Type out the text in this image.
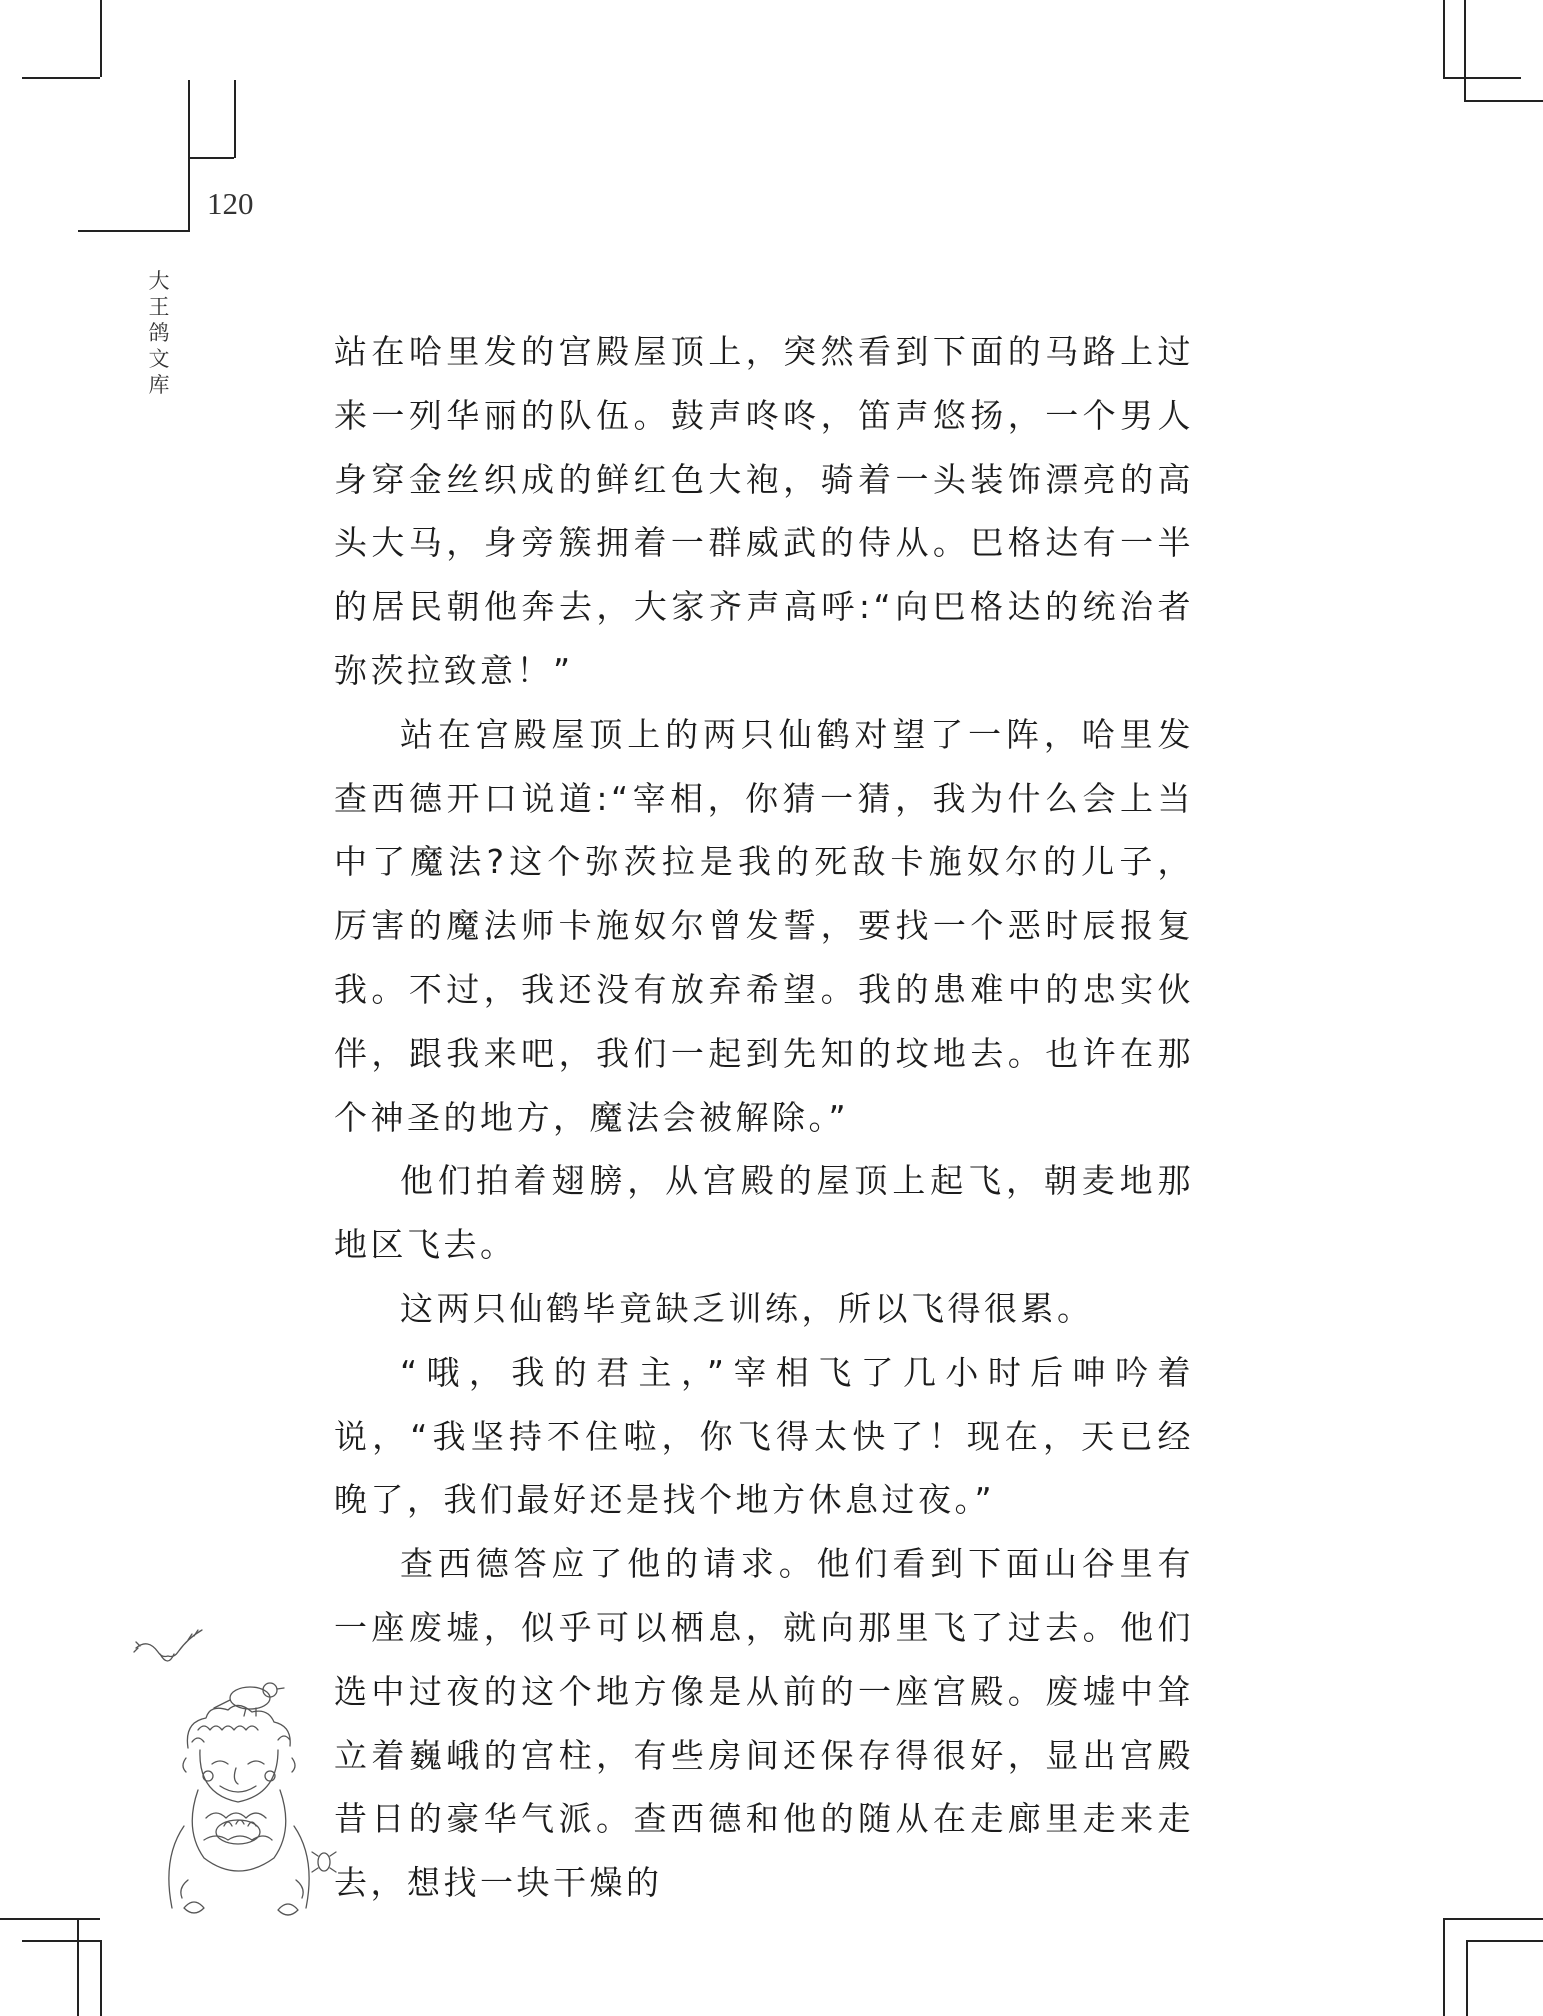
120
大王鸽文库

站在哈里发的宫殿屋顶上，突然看到下面的马路上过来一列华丽的队伍。鼓声咚咚，笛声悠扬，一个男人身穿金丝织成的鲜红色大袍，骑着一头装饰漂亮的高头大马，身旁簇拥着一群威武的侍从。巴格达有一半的居民朝他奔去，大家齐声高呼:“向巴格达的统治者弥茨拉致意！”

站在宫殿屋顶上的两只仙鹤对望了一阵，哈里发查西德开口说道:“宰相，你猜一猜，我为什么会上当中了魔法?这个弥茨拉是我的死敌卡施奴尔的儿子，厉害的魔法师卡施奴尔曾发誓，要找一个恶时辰报复我。不过，我还没有放弃希望。我的患难中的忠实伙伴，跟我来吧，我们一起到先知的坟地去。也许在那个神圣的地方，魔法会被解除。”

他们拍着翅膀，从宫殿的屋顶上起飞，朝麦地那地区飞去。

这两只仙鹤毕竟缺乏训练，所以飞得很累。

“哦，我的君主，”宰相飞了几小时后呻吟着说，“我坚持不住啦，你飞得太快了！现在，天已经晚了，我们最好还是找个地方休息过夜。”

查西德答应了他的请求。他们看到下面山谷里有一座废墟，似乎可以栖息，就向那里飞了过去。他们选中过夜的这个地方像是从前的一座宫殿。废墟中耸立着巍峨的宫柱，有些房间还保存得很好，显出宫殿昔日的豪华气派。查西德和他的随从在走廊里走来走去，想找一块干燥的
